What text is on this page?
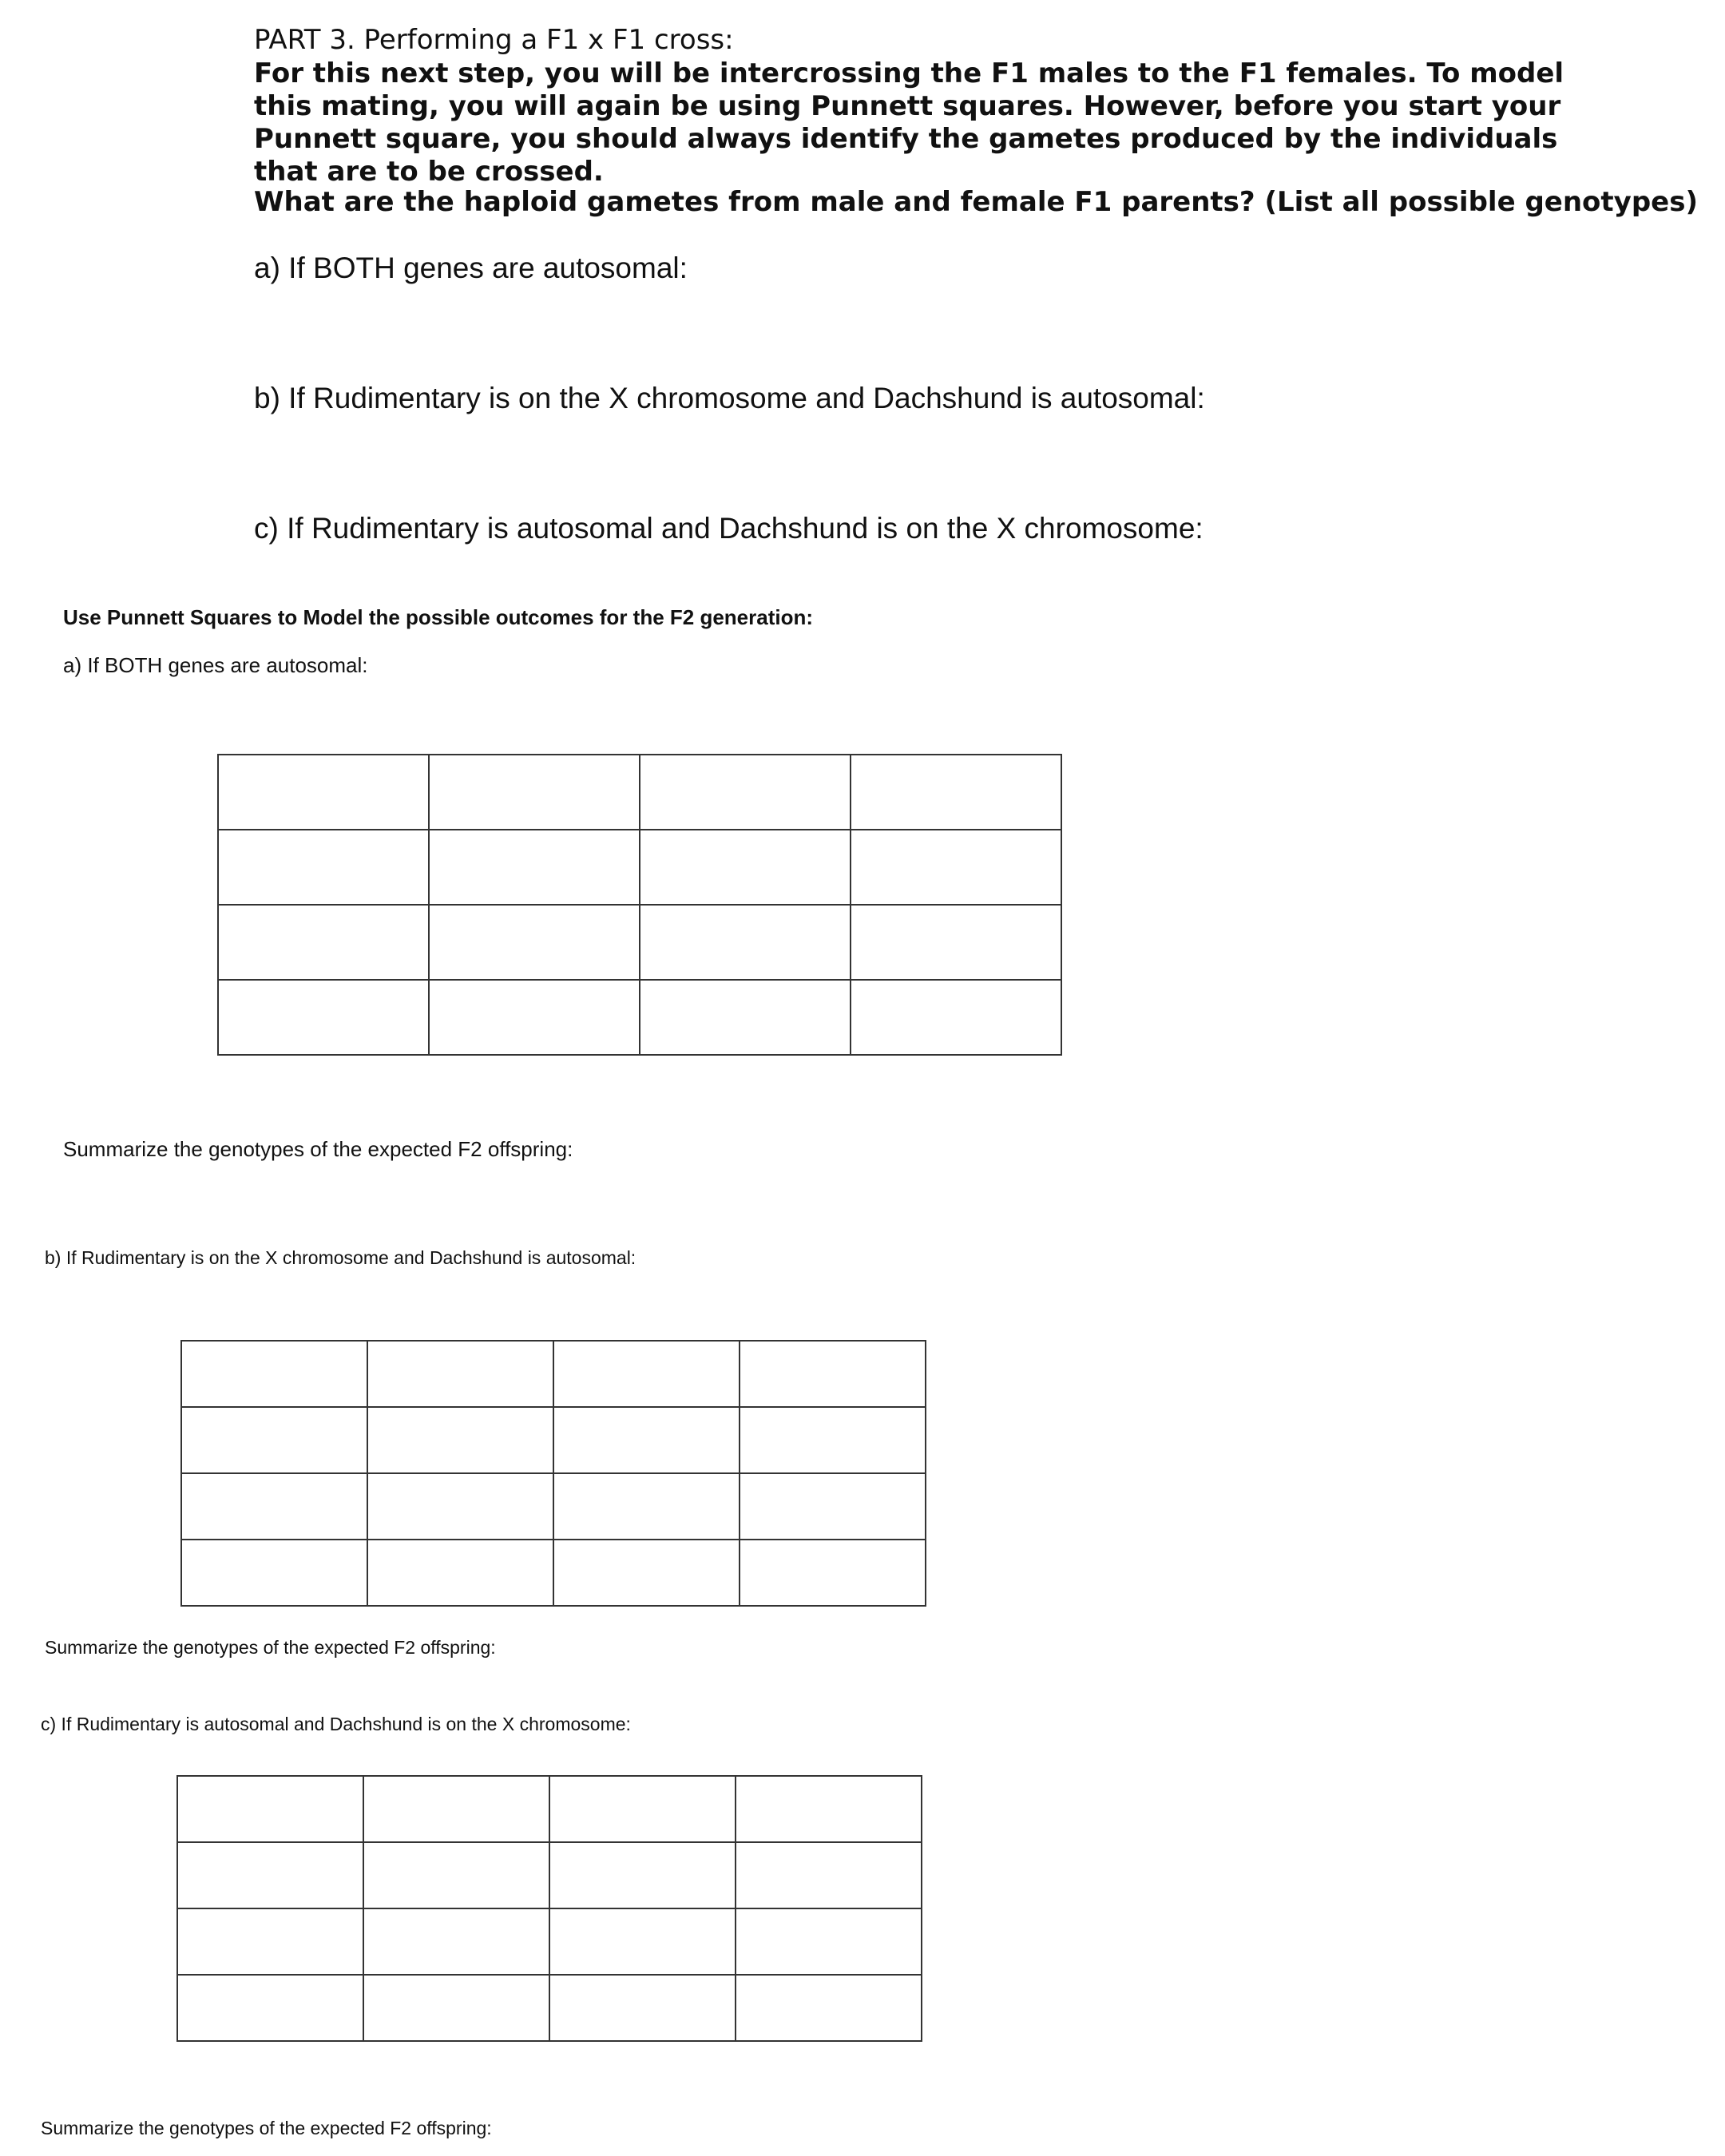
PART 3. Performing a F1 x F1 cross:
For this next step, you will be intercrossing the F1 males to the F1 females. To model this mating, you will again be using Punnett squares. However, before you start your Punnett square, you should always identify the gametes produced by the individuals that are to be crossed.
What are the haploid gametes from male and female F1 parents? (List all possible genotypes)
a) If BOTH genes are autosomal:
b) If Rudimentary is on the X chromosome and Dachshund is autosomal:
c) If Rudimentary is autosomal and Dachshund is on the X chromosome:
Use Punnett Squares to Model the possible outcomes for the F2 generation:
a) If BOTH genes are autosomal:

Summarize the genotypes of the expected F2 offspring:
b) If Rudimentary is on the X chromosome and Dachshund is autosomal:

Summarize the genotypes of the expected F2 offspring:
c) If Rudimentary is autosomal and Dachshund is on the X chromosome:

Summarize the genotypes of the expected F2 offspring:
